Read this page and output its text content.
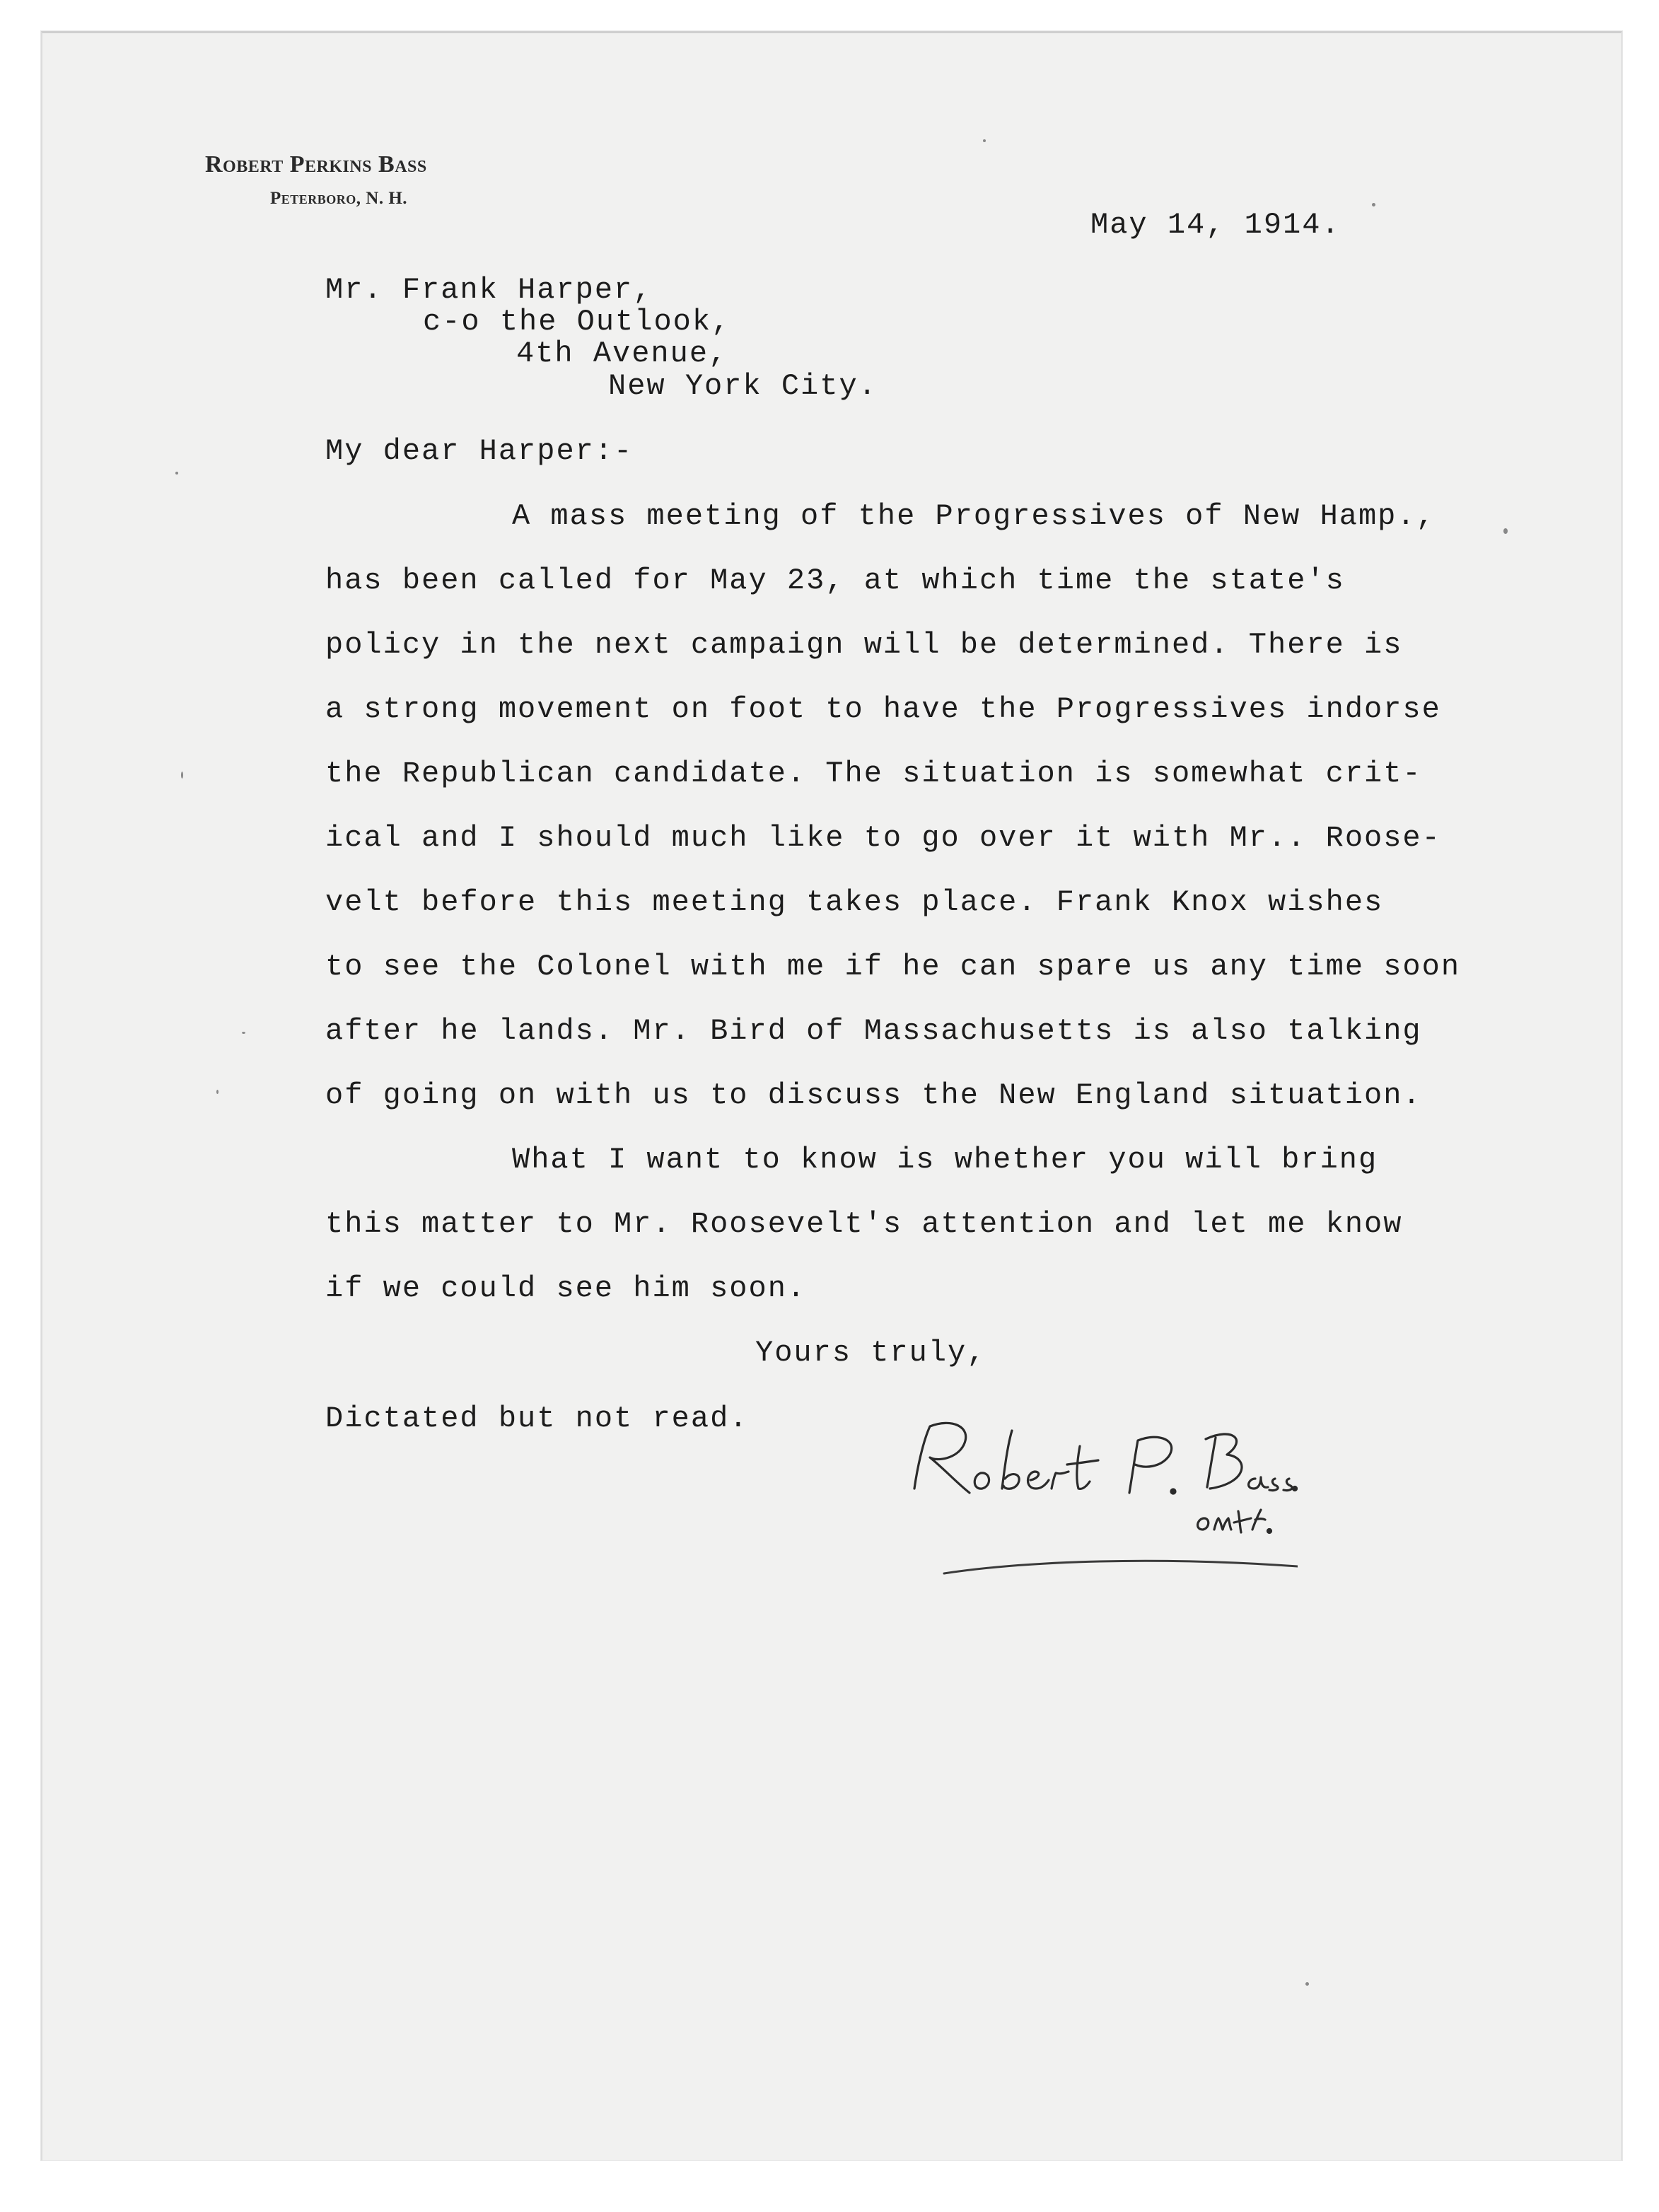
Robert Perkins Bass
Peterboro, N. H.
May 14, 1914.
Mr. Frank Harper,
c-o the Outlook,
4th Avenue,
New York City.
My dear Harper:-
A mass meeting of the Progressives of New Hamp.,
has been called for May 23, at which time the state's
policy in the next campaign will be determined. There is
a strong movement on foot to have the Progressives indorse
the Republican candidate. The situation is somewhat crit-
ical and I should much like to go over it with Mr.. Roose-
velt before this meeting takes place. Frank Knox wishes
to see the Colonel with me if he can spare us any time soon
after he lands. Mr. Bird of Massachusetts is also talking
of going on with us to discuss the New England situation.
What I want to know is whether you will bring
this matter to Mr. Roosevelt's attention and let me know
if we could see him soon.
Yours truly,
Dictated but not read.
